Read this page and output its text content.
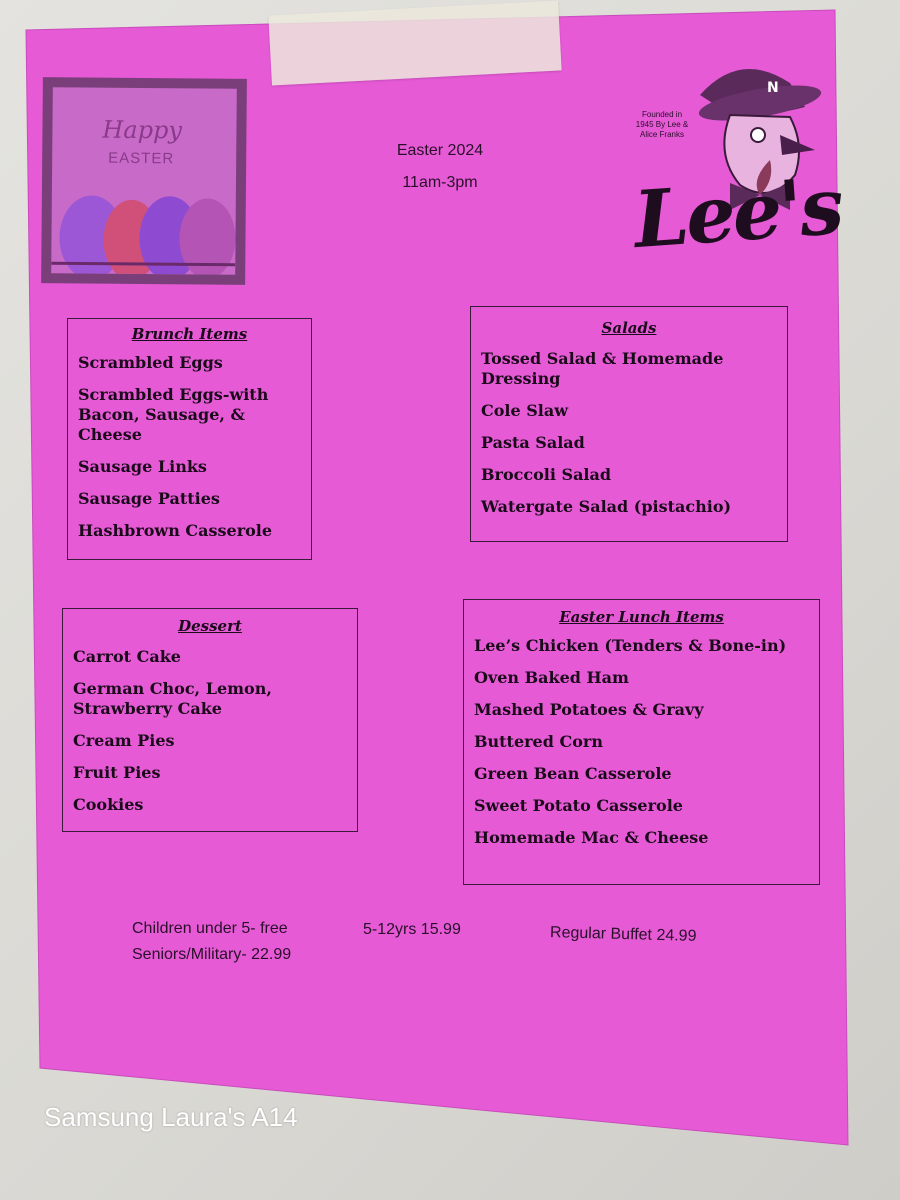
Happy
EASTER	Easter 2024
11am-3pm
N
Founded in 1945 By Lee & Alice Franks
Lee's
Brunch Items
Scrambled Eggs
Scrambled Eggs-with Bacon, Sausage, & Cheese
Sausage Links
Sausage Patties
Hashbrown Casserole
Salads
Tossed Salad & Homemade Dressing
Cole Slaw
Pasta Salad
Broccoli Salad
Watergate Salad (pistachio)
Dessert
Carrot Cake
German Choc, Lemon, Strawberry Cake
Cream Pies
Fruit Pies
Cookies
Easter Lunch Items
Lee’s Chicken (Tenders & Bone-in)
Oven Baked Ham
Mashed Potatoes & Gravy
Buttered Corn
Green Bean Casserole
Sweet Potato Casserole
Homemade Mac & Cheese
Children under 5- free
Seniors/Military- 22.99
5-12yrs 15.99	Regular Buffet 24.99
Samsung Laura's A14
